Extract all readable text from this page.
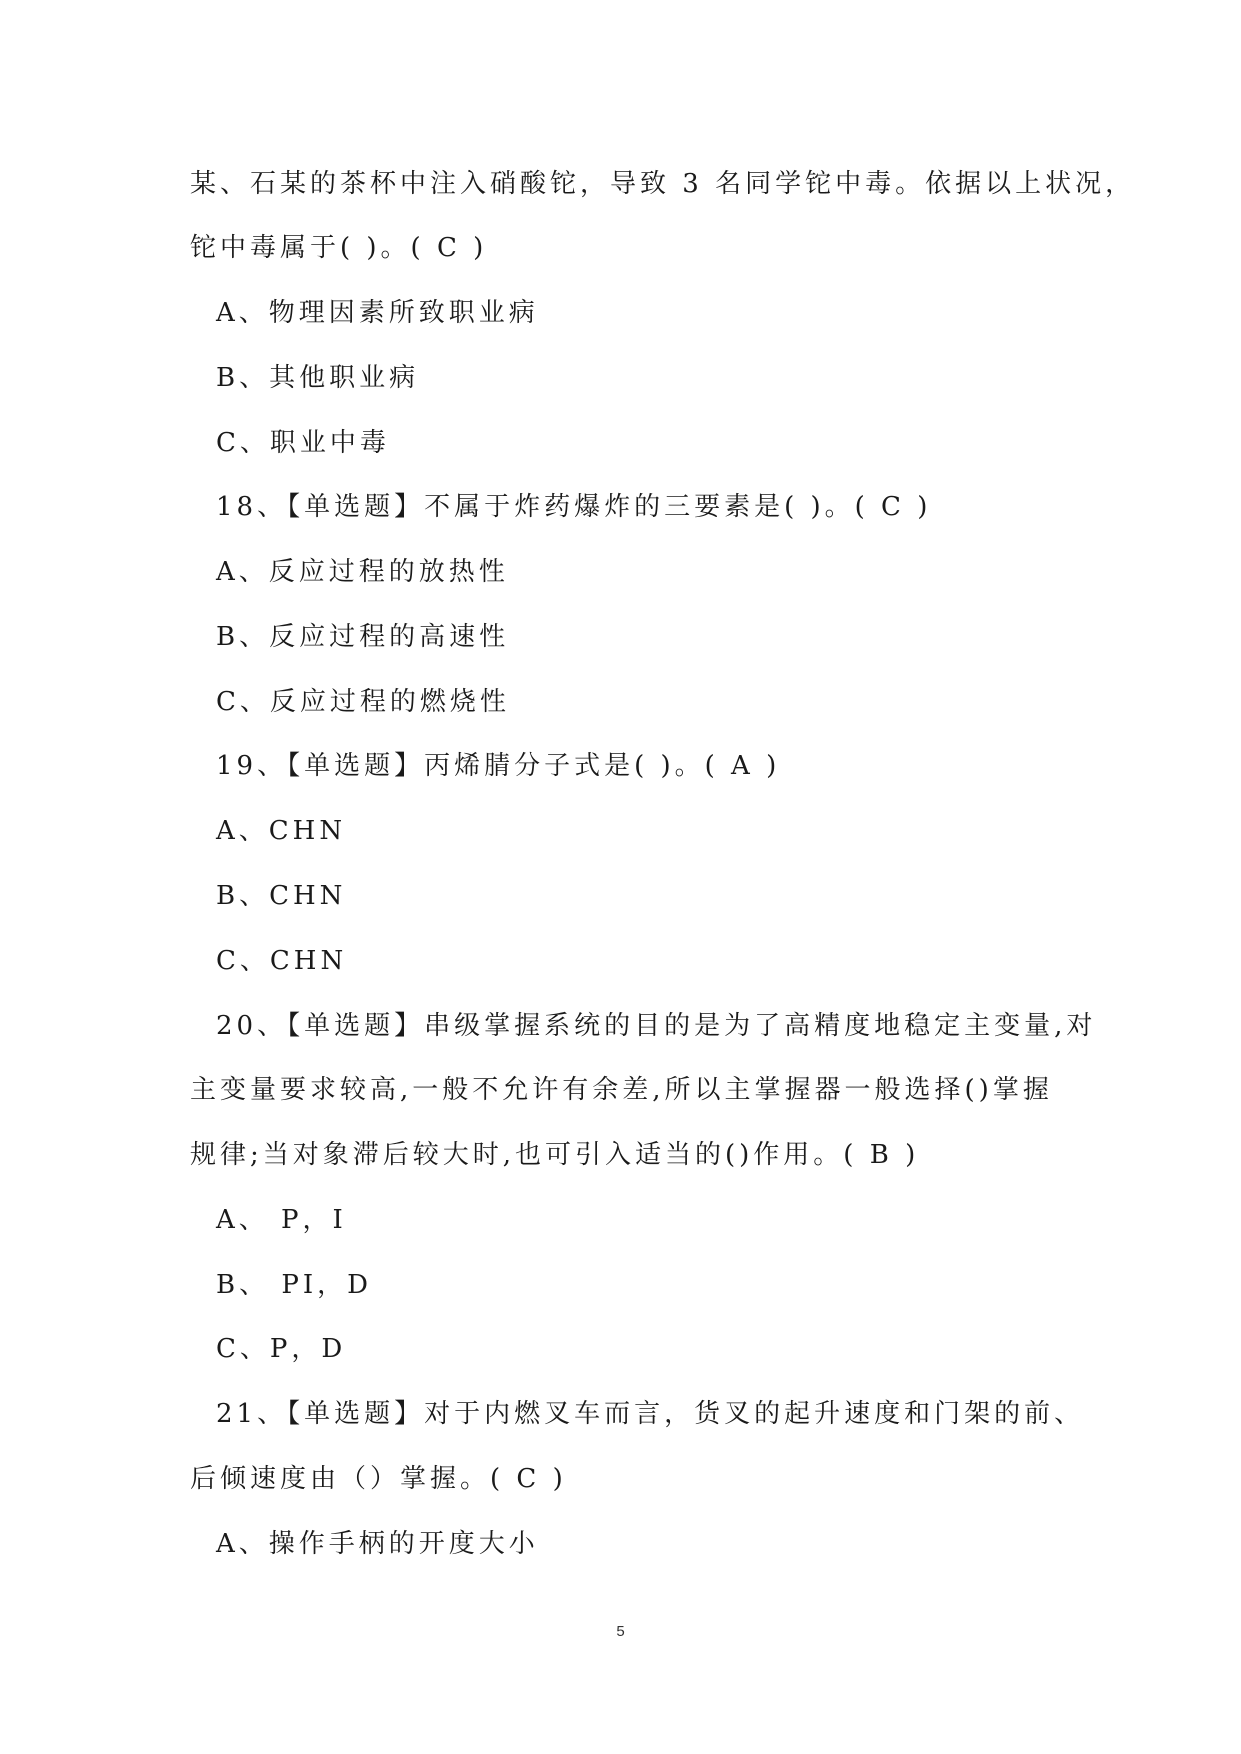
某、石某的茶杯中注入硝酸铊，导致 3 名同学铊中毒。依据以上状况，

铊中毒属于( )。( C )

A、物理因素所致职业病

B、其他职业病

C、职业中毒

18、【单选题】不属于炸药爆炸的三要素是( )。( C )

A、反应过程的放热性

B、反应过程的高速性

C、反应过程的燃烧性

19、【单选题】丙烯腈分子式是( )。( A )

A、CHN

B、CHN

C、CHN

20、【单选题】串级掌握系统的目的是为了高精度地稳定主变量,对

主变量要求较高,一般不允许有余差,所以主掌握器一般选择()掌握

规律;当对象滞后较大时,也可引入适当的()作用。( B )

A、 P，I

B、 PI，D

C、P，D

21、【单选题】对于内燃叉车而言，货叉的起升速度和门架的前、

后倾速度由（）掌握。( C )

A、操作手柄的开度大小

5
